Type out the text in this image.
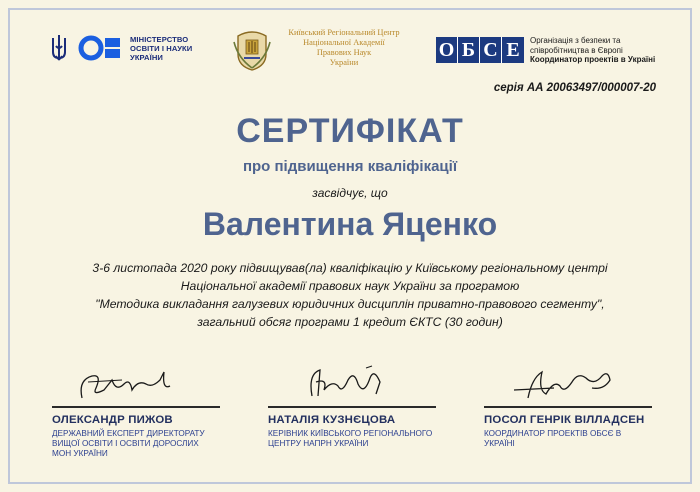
МІНІСТЕРСТВО
ОСВІТИ І НАУКИ
УКРАЇНИ
Київський Регіональний Центр
Національної Академії
Правових Наук
України
О Б С Е	Організація з безпеки та
співробітництва в Європі
Координатор проектів в Україні
серія АА 20063497/000007-20
СЕРТИФІКАТ
про підвищення кваліфікації
засвідчує, що
Валентина Яценко
3-6 листопада 2020 року підвищував(ла) кваліфікацію у Київському регіональному центрі
Національної академії правових наук України за програмою
"Методика викладання галузевих юридичних дисциплін приватно-правового сегменту",
загальний обсяг програми 1 кредит ЄКТС (30 годин)
ОЛЕКСАНДР ПИЖОВ
ДЕРЖАВНИЙ ЕКСПЕРТ ДИРЕКТОРАТУ
ВИЩОЇ ОСВІТИ І ОСВІТИ ДОРОСЛИХ
МОН УКРАЇНИ
НАТАЛІЯ КУЗНЄЦОВА
КЕРІВНИК КИЇВСЬКОГО РЕГІОНАЛЬНОГО
ЦЕНТРУ НАПРН УКРАЇНИ
ПОСОЛ ГЕНРІК ВІЛЛАДСЕН
КООРДИНАТОР ПРОЕКТІВ ОБСЄ В
УКРАЇНІ
